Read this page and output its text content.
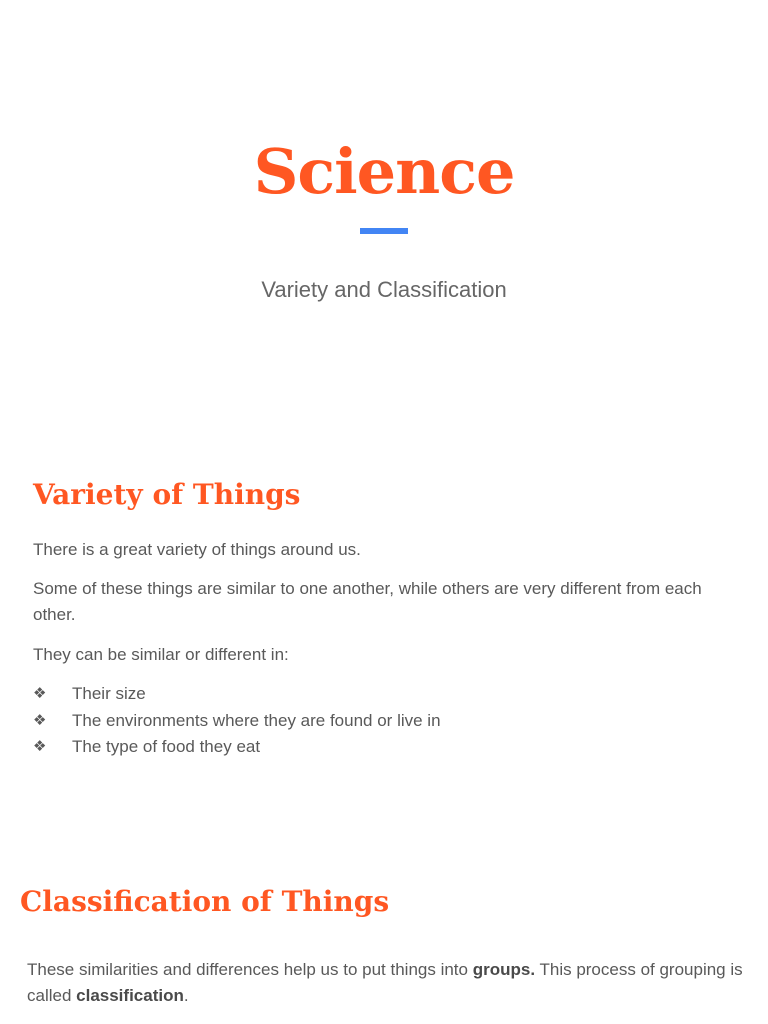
Science

Variety and Classification

Variety of Things

There is a great variety of things around us.

Some of these things are similar to one another, while others are very different from each other.

They can be similar or different in:

❖	Their size
❖	The environments where they are found or live in
❖	The type of food they eat
Classification of Things

These similarities and differences help us to put things into groups. This process of grouping is called classification.
